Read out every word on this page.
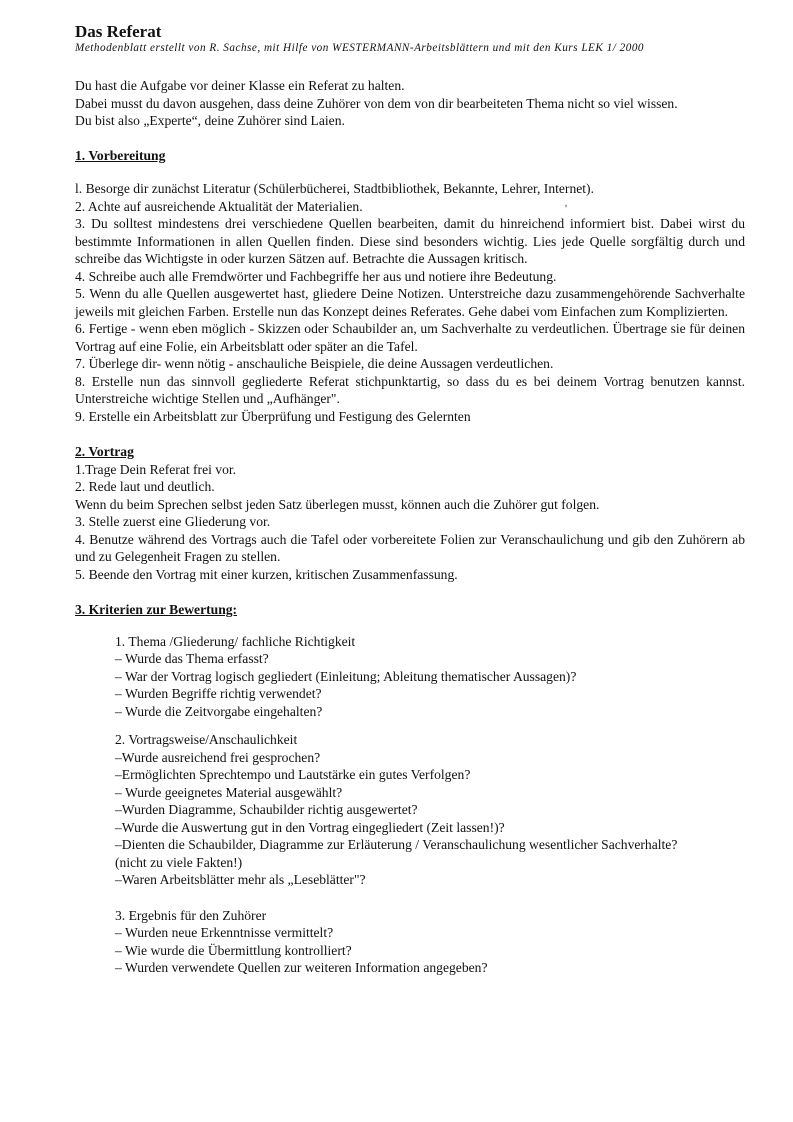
Das Referat

Methodenblatt erstellt von R. Sachse, mit Hilfe von WESTERMANN-Arbeitsblättern und mit den Kurs LEK 1/ 2000

Du hast die Aufgabe vor deiner Klasse ein Referat zu halten.

Dabei musst du davon ausgehen, dass deine Zuhörer von dem von dir bearbeiteten Thema nicht so viel wissen.

Du bist also „Experte“, deine Zuhörer sind Laien.

1. Vorbereitung

l. Besorge dir zunächst Literatur (Schülerbücherei, Stadtbibliothek, Bekannte, Lehrer, Internet).

2. Achte auf ausreichende Aktualität der Materialien.

3. Du solltest mindestens drei verschiedene Quellen bearbeiten, damit du hinreichend informiert bist. Dabei wirst du bestimmte Informationen in allen Quellen finden. Diese sind besonders wichtig. Lies jede Quelle sorgfältig durch und schreibe das Wichtigste in oder kurzen Sätzen auf. Betrachte die Aussagen kritisch.

4. Schreibe auch alle Fremdwörter und Fachbegriffe her aus und notiere ihre Bedeutung.

5. Wenn du alle Quellen ausgewertet hast, gliedere Deine Notizen. Unterstreiche dazu zusammengehörende Sachverhalte jeweils mit gleichen Farben. Erstelle nun das Konzept deines Referates. Gehe dabei vom Einfachen zum Komplizierten.

6. Fertige - wenn eben möglich - Skizzen oder Schaubilder an, um Sachverhalte zu verdeutlichen. Übertrage sie für deinen Vortrag auf eine Folie, ein Arbeitsblatt oder später an die Tafel.

7. Überlege dir- wenn nötig - anschauliche Beispiele, die deine Aussagen verdeutlichen.

8. Erstelle nun das sinnvoll gegliederte Referat stichpunktartig, so dass du es bei deinem Vortrag benutzen kannst. Unterstreiche wichtige Stellen und „Aufhänger".

9. Erstelle ein Arbeitsblatt zur Überprüfung und Festigung des Gelernten

2. Vortrag

1.Trage Dein Referat frei vor.

2. Rede laut und deutlich.

Wenn du beim Sprechen selbst jeden Satz überlegen musst, können auch die Zuhörer gut folgen.

3. Stelle zuerst eine Gliederung vor.

4. Benutze während des Vortrags auch die Tafel oder vorbereitete Folien zur Veranschaulichung und gib den Zuhörern ab und zu Gelegenheit Fragen zu stellen.

5. Beende den Vortrag mit einer kurzen, kritischen Zusammenfassung.

3. Kriterien zur Bewertung:

1. Thema /Gliederung/ fachliche Richtigkeit

– Wurde das Thema erfasst?

– War der Vortrag logisch gegliedert (Einleitung; Ableitung thematischer Aussagen)?

– Wurden Begriffe richtig verwendet?

– Wurde die Zeitvorgabe eingehalten?

2. Vortragsweise/Anschaulichkeit

–Wurde ausreichend frei gesprochen?

–Ermöglichten Sprechtempo und Lautstärke ein gutes Verfolgen?

– Wurde geeignetes Material ausgewählt?

–Wurden Diagramme, Schaubilder richtig ausgewertet?

–Wurde die Auswertung gut in den Vortrag eingegliedert (Zeit lassen!)?

–Dienten die Schaubilder, Diagramme zur Erläuterung / Veranschaulichung wesentlicher Sachverhalte?

(nicht zu viele Fakten!)

–Waren Arbeitsblätter mehr als „Leseblätter"?

3. Ergebnis für den Zuhörer

– Wurden neue Erkenntnisse vermittelt?

– Wie wurde die Übermittlung kontrolliert?

– Wurden verwendete Quellen zur weiteren Information angegeben?

'
